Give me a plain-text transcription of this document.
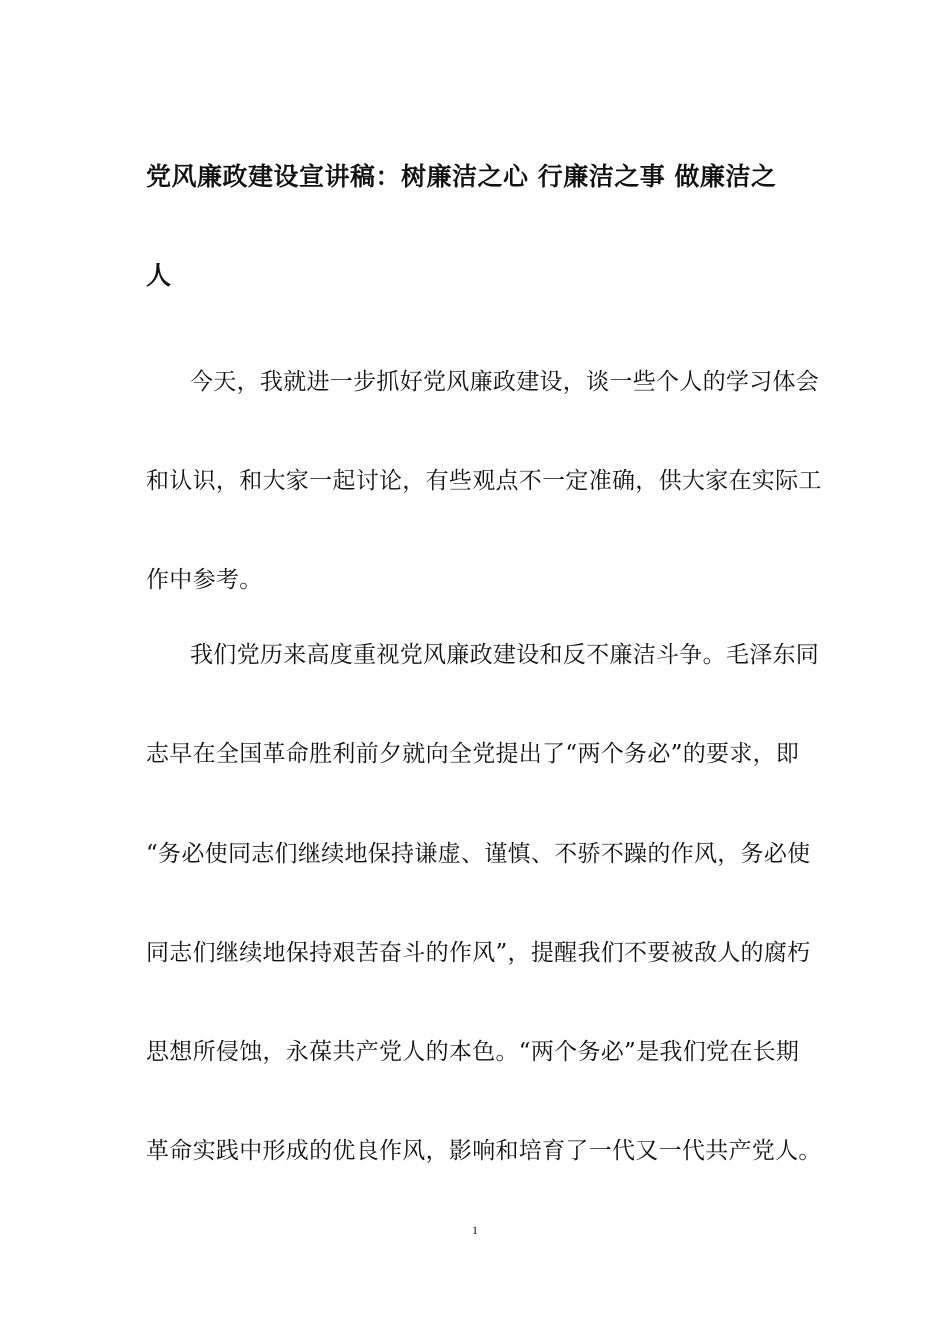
党风廉政建设宣讲稿：树廉洁之心 行廉洁之事 做廉洁之
人
今天，我就进一步抓好党风廉政建设，谈一些个人的学习体会
和认识，和大家一起讨论，有些观点不一定准确，供大家在实际工
作中参考。
我们党历来高度重视党风廉政建设和反不廉洁斗争。毛泽东同
志早在全国革命胜利前夕就向全党提出了“两个务必”的要求，即
“务必使同志们继续地保持谦虚、谨慎、不骄不躁的作风，务必使
同志们继续地保持艰苦奋斗的作风”，提醒我们不要被敌人的腐朽
思想所侵蚀，永葆共产党人的本色。“两个务必”是我们党在长期
革命实践中形成的优良作风，影响和培育了一代又一代共产党人。
1
